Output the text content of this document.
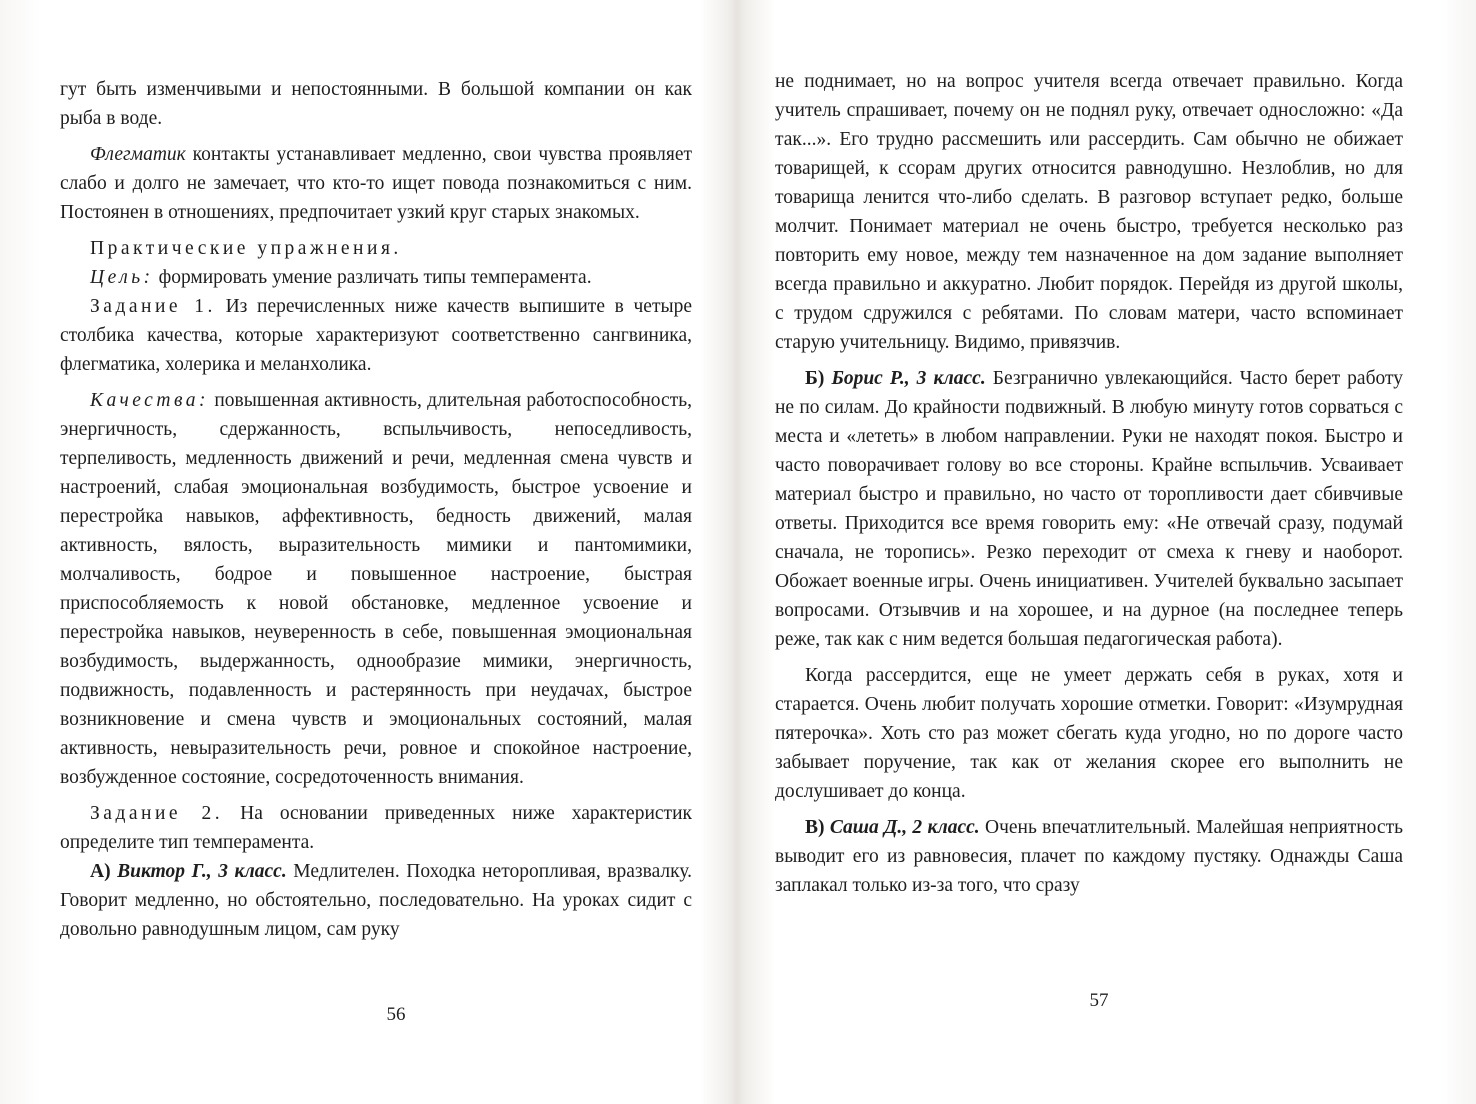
гут быть изменчивыми и непостоянными. В большой компании он как рыба в воде.

Флегматик контакты устанавливает медленно, свои чувства проявляет слабо и долго не замечает, что кто-то ищет повода познакомиться с ним. Постоянен в отношениях, предпочитает узкий круг старых знакомых.

Практические упражнения.

Цель: формировать умение различать типы темперамента.

Задание 1. Из перечисленных ниже качеств выпишите в четыре столбика качества, которые характеризуют соответственно сангвиника, флегматика, холерика и меланхолика.

Качества: повышенная активность, длительная работоспособность, энергичность, сдержанность, вспыльчивость, непоседливость, терпеливость, медленность движений и речи, медленная смена чувств и настроений, слабая эмоциональная возбудимость, быстрое усвоение и перестройка навыков, аффективность, бедность движений, малая активность, вялость, выразительность мимики и пантомимики, молчаливость, бодрое и повышенное настроение, быстрая приспособляемость к новой обстановке, медленное усвоение и перестройка навыков, неуверенность в себе, повышенная эмоциональная возбудимость, выдержанность, однообразие мимики, энергичность, подвижность, подавленность и растерянность при неудачах, быстрое возникновение и смена чувств и эмоциональных состояний, малая активность, невыразительность речи, ровное и спокойное настроение, возбужденное состояние, сосредоточенность внимания.

Задание 2. На основании приведенных ниже характеристик определите тип темперамента.

А) Виктор Г., 3 класс. Медлителен. Походка неторопливая, вразвалку. Говорит медленно, но обстоятельно, последовательно. На уроках сидит с довольно равнодушным лицом, сам руку

56

не поднимает, но на вопрос учителя всегда отвечает правильно. Когда учитель спрашивает, почему он не поднял руку, отвечает односложно: «Да так...». Его трудно рассмешить или рассердить. Сам обычно не обижает товарищей, к ссорам других относится равнодушно. Незлоблив, но для товарища ленится что-либо сделать. В разговор вступает редко, больше молчит. Понимает материал не очень быстро, требуется несколько раз повторить ему новое, между тем назначенное на дом задание выполняет всегда правильно и аккуратно. Любит порядок. Перейдя из другой школы, с трудом сдружился с ребятами. По словам матери, часто вспоминает старую учительницу. Видимо, привязчив.

Б) Борис Р., 3 класс. Безгранично увлекающийся. Часто берет работу не по силам. До крайности подвижный. В любую минуту готов сорваться с места и «лететь» в любом направлении. Руки не находят покоя. Быстро и часто поворачивает голову во все стороны. Крайне вспыльчив. Усваивает материал быстро и правильно, но часто от торопливости дает сбивчивые ответы. Приходится все время говорить ему: «Не отвечай сразу, подумай сначала, не торопись». Резко переходит от смеха к гневу и наоборот. Обожает военные игры. Очень инициативен. Учителей буквально засыпает вопросами. Отзывчив и на хорошее, и на дурное (на последнее теперь реже, так как с ним ведется большая педагогическая работа).

Когда рассердится, еще не умеет держать себя в руках, хотя и старается. Очень любит получать хорошие отметки. Говорит: «Изумрудная пятерочка». Хоть сто раз может сбегать куда угодно, но по дороге часто забывает поручение, так как от желания скорее его выполнить не дослушивает до конца.

В) Саша Д., 2 класс. Очень впечатлительный. Малейшая неприятность выводит его из равновесия, плачет по каждому пустяку. Однажды Саша заплакал только из-за того, что сразу

57
